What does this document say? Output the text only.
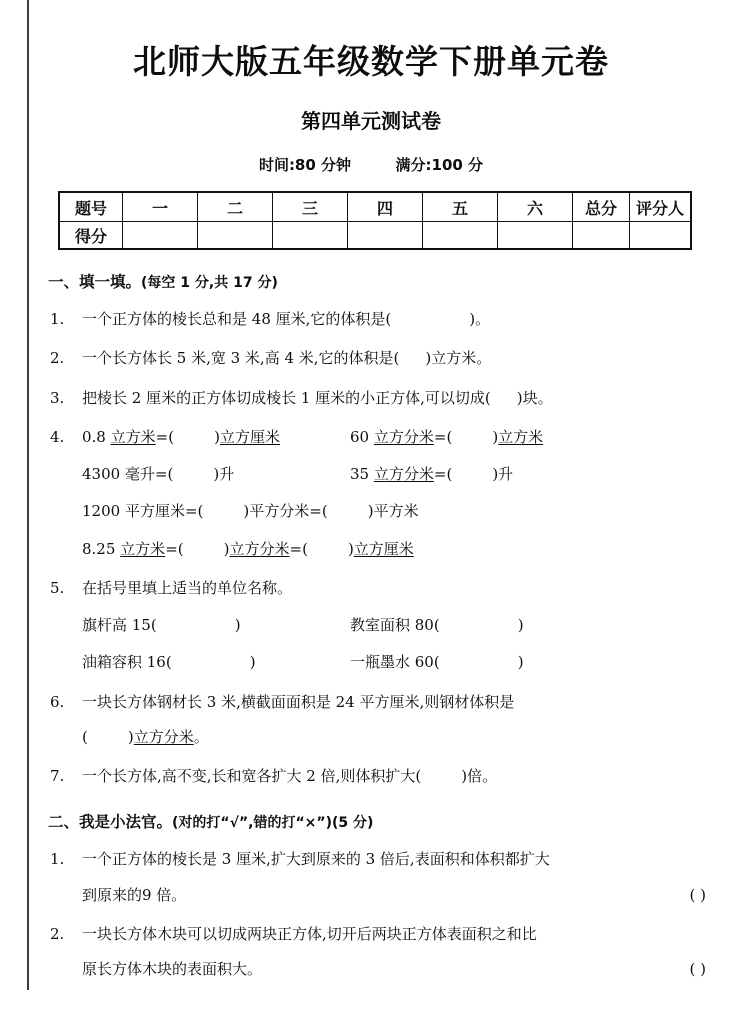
北师大版五年级数学下册单元卷
第四单元测试卷
时间:80 分钟	满分:100 分
题号	一	二	三	四	五	六	总分	评分人
得分								
一、填一填。(每空 1 分,共 17 分)
1. 一个正方体的棱长总和是 48 厘米,它的体积是(	)。
2. 一个长方体长 5 米,宽 3 米,高 4 米,它的体积是( )立方米。
3. 把棱长 2 厘米的正方体切成棱长 1 厘米的小正方体,可以切成( )块。
4. 0.8 立方米=(	)立方厘米	60 立方分米=(	)立方米
4300 毫升=(	)升	35 立方分米=(	)升
1200 平方厘米=(	)平方分米=(	)平方米
8.25 立方米=(	)立方分米=(	)立方厘米
5. 在括号里填上适当的单位名称。
旗杆高 15(	)	教室面积 80(	)
油箱容积 16(	)	一瓶墨水 60(	)
6. 一块长方体钢材长 3 米,横截面面积是 24 平方厘米,则钢材体积是
(	)立方分米。
7. 一个长方体,高不变,长和宽各扩大 2 倍,则体积扩大(	)倍。
二、我是小法官。(对的打“√”,错的打“×”)(5 分)
1. 一个正方体的棱长是 3 厘米,扩大到原来的 3 倍后,表面积和体积都扩大
到原来的9 倍。	( )
2. 一块长方体木块可以切成两块正方体,切开后两块正方体表面积之和比
原长方体木块的表面积大。	( )
